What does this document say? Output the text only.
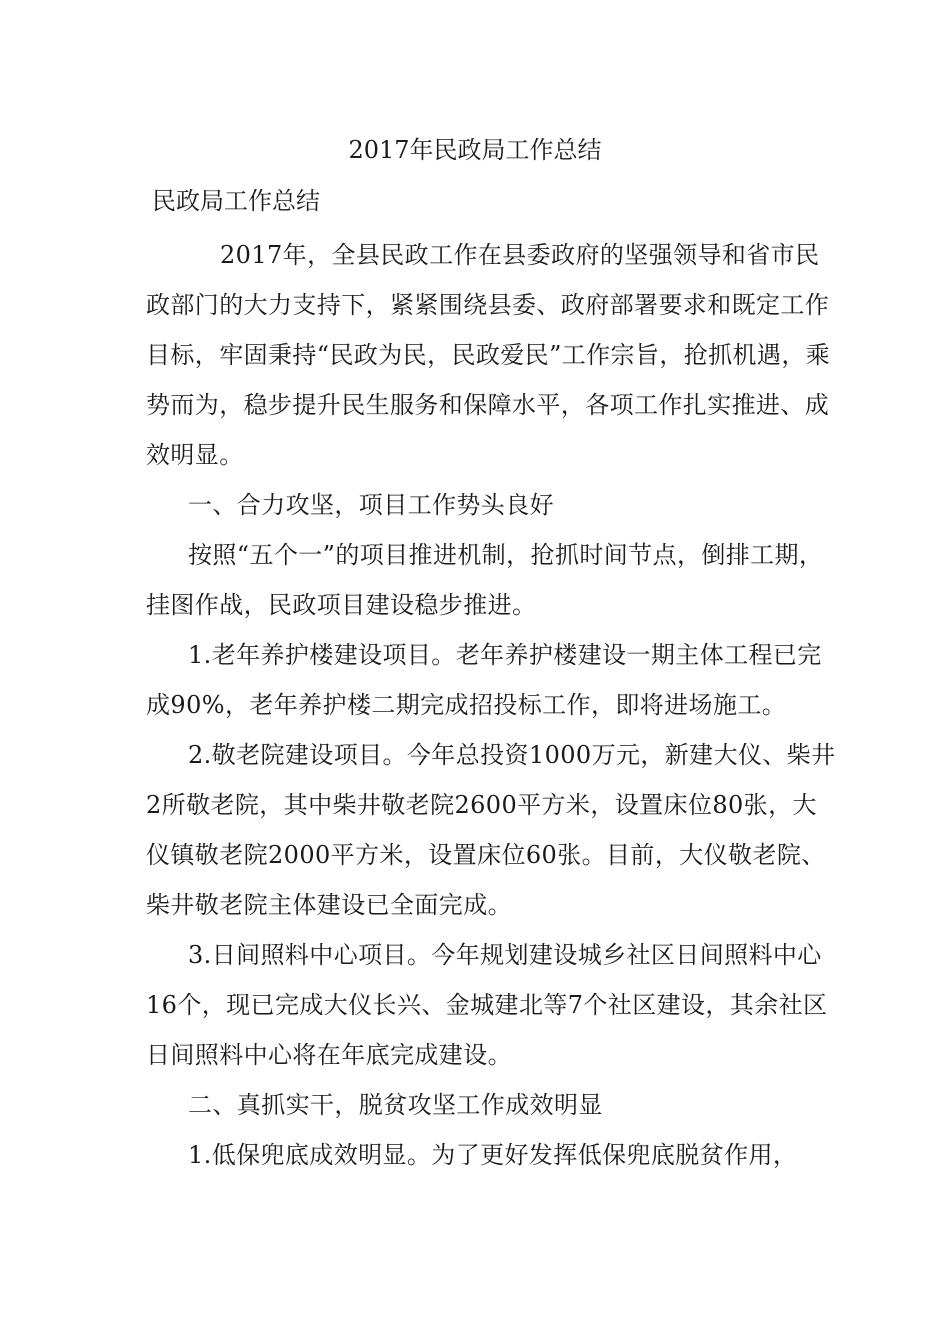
2017年民政局工作总结

民政局工作总结

2017年，全县民政工作在县委政府的坚强领导和省市民政部门的大力支持下，紧紧围绕县委、政府部署要求和既定工作目标，牢固秉持“民政为民，民政爱民”工作宗旨，抢抓机遇，乘势而为，稳步提升民生服务和保障水平，各项工作扎实推进、成效明显。

一、合力攻坚，项目工作势头良好

按照“五个一”的项目推进机制，抢抓时间节点，倒排工期，挂图作战，民政项目建设稳步推进。

1.老年养护楼建设项目。老年养护楼建设一期主体工程已完成90%，老年养护楼二期完成招投标工作，即将进场施工。

2.敬老院建设项目。今年总投资1000万元，新建大仪、柴井2所敬老院，其中柴井敬老院2600平方米，设置床位80张，大仪镇敬老院2000平方米，设置床位60张。目前，大仪敬老院、柴井敬老院主体建设已全面完成。

3.日间照料中心项目。今年规划建设城乡社区日间照料中心16个，现已完成大仪长兴、金城建北等7个社区建设，其余社区日间照料中心将在年底完成建设。

二、真抓实干，脱贫攻坚工作成效明显

1.低保兜底成效明显。为了更好发挥低保兜底脱贫作用，
